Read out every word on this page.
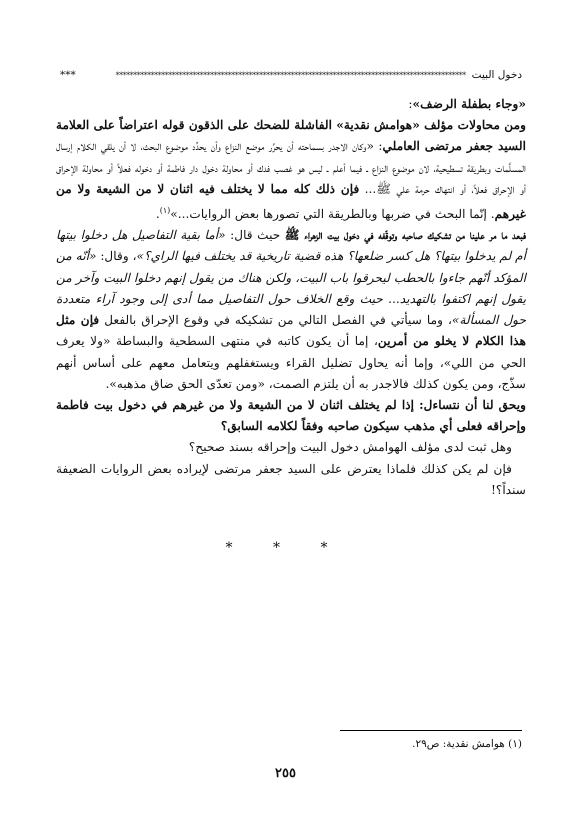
دخول البيت
****************************************************************************************************
***

«وجاء بطفلة الرضف»:

ومن محاولات مؤلف «هوامش نقدية» الفاشلة للضحك على الذقون قوله اعتراضاً على العلامة السيد جعفر مرتضى العاملي: «وكان الاجدر بسماحته أن يحرِّر موضع النزاع وأن يحدِّد موضوع البحث، لا أن يلقي الكلام إرسال المسلَّمات وبطريقة تسطيحية، لان موضوع النزاع ـ فيما أعلم ـ ليس هو غصب فدك أو محاولة دخول دار فاطمة أو دخوله فعلاً أو محاولة الإحراق أو الإحراق فعلاً، أو انتهاك حرمة علي ﷺ... فإن ذلك كله مما لا يختلف فيه اثنان لا من الشيعة ولا من غيرهم. إنّما البحث في ضربها وبالطريقة التي تصورها بعض الروايات...»$^{(١)}$.

فبعد ما مر علينا من تشكيك صاحبه وتوقّفه في دخول بيت الزهراء ﷺ حيث قال: «أما بقية التفاصيل هل دخلوا بيتها أم لم يدخلوا بيتها؟ هل كسر ضلعها؟ هذه قضية تاريخية قد يختلف فيها الراي؟»، وقال: «أنّه من المؤكد أنّهم جاءوا بالحطب ليحرقوا باب البيت، ولكن هناك من يقول إنهم دخلوا البيت وآخر من يقول إنهم اكتفوا بالتهديد... حيث وقع الخلاف حول التفاصيل مما أدى إلى وجود آراء متعددة حول المسألة»، وما سيأتي في الفصل التالي من تشكيكه في وقوع الإحراق بالفعل فإن مثل هذا الكلام لا يخلو من أمرين، إما أن يكون كاتبه في منتهى السطحية والبساطة «ولا يعرف الحي من اللي»، وإما أنه يحاول تضليل القراء ويستغفلهم ويتعامل معهم على أساس أنهم سذّج، ومن يكون كذلك فالاجدر به أن يلتزم الصمت، «ومن تعدّى الحق ضاق مذهبه».

ويحق لنا أن نتساءل: إذا لم يختلف اثنان لا من الشيعة ولا من غيرهم في دخول بيت فاطمة وإحراقه فعلى أي مذهب سيكون صاحبه وفقاً لكلامه السابق؟

وهل ثبت لدى مؤلف الهوامش دخول البيت وإحراقه بسند صحيح؟

فإن لم يكن كذلك فلماذا يعترض على السيد جعفر مرتضى لإيراده بعض الروايات الضعيفة سنداً؟!

* * *
(١) هوامش نقدية: ص٢٩.
٢٥٥
